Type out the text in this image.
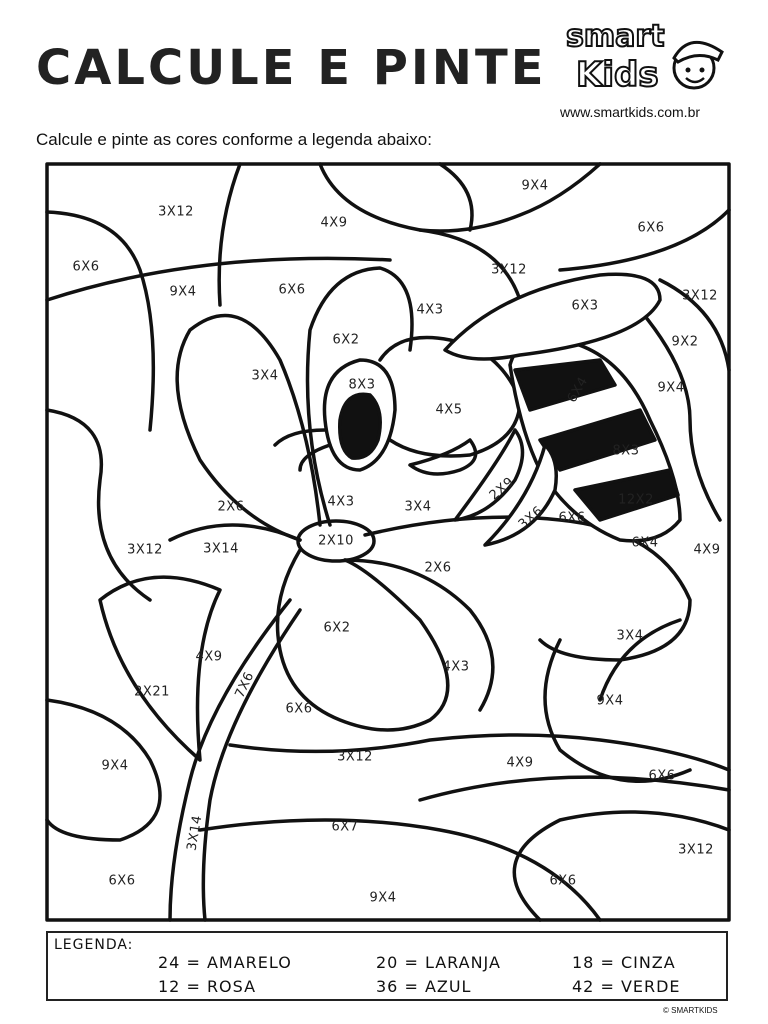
CALCULE E PINTE
smart
Kids
www.smartkids.com.br
Calcule e pinte as cores conforme a legenda abaixo:
9X4
3X12
4X9	6X6
6X6
9X4	6X6
3X12
3X12
4X3	6X3
9X2
6X2
3X4
8X3
4X5
6X4	9X4
8X3
12X2
2X9
3X6 6X6
6X4	4X9
2X6	4X3	3X4
2X10
3X12	3X14
2X6
6X2
4X3
3X4
4X9
7X6
2X21
6X6
9X4
3X12	4X9
6X6
9X4
3X14	6X7
3X12
6X6
9X4
6X6
LEGENDA:
24 = AMARELO	20 = LARANJA	18 = CINZA
12 = ROSA	36 = AZUL	42 = VERDE
© SMARTKIDS
